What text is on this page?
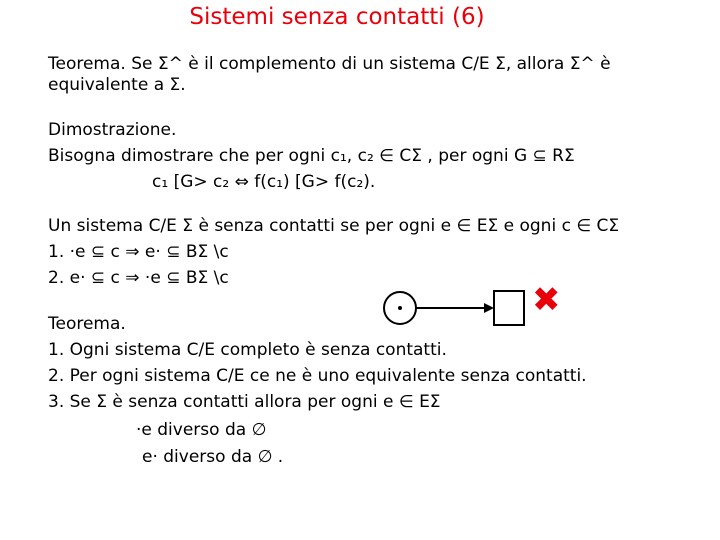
Sistemi senza contatti (6)
Teorema. Se Σ^ è il complemento di un sistema C/E Σ, allora Σ^ è
equivalente a Σ.
Dimostrazione.
Bisogna dimostrare che per ogni c₁, c₂ ∈ CΣ , per ogni G ⊆ RΣ
c₁ [G> c₂ ⇔ f(c₁) [G> f(c₂).
Un sistema C/E Σ è senza contatti se per ogni e ∈ EΣ e ogni c ∈ CΣ
1. ·e ⊆ c ⇒ e· ⊆ BΣ \c
2. e· ⊆ c ⇒ ·e ⊆ BΣ \c
✖
Teorema.
1. Ogni sistema C/E completo è senza contatti.
2. Per ogni sistema C/E ce ne è uno equivalente senza contatti.
3. Se Σ è senza contatti allora per ogni e ∈ EΣ
·e diverso da ∅
e· diverso da ∅ .
